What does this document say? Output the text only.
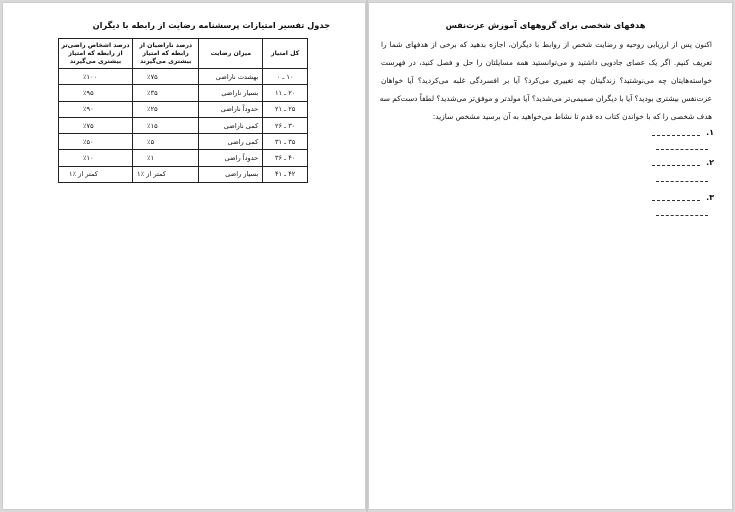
جدول تفسیر امتیازات پرسشنامه رضایت از رابطه با دیگران
کل امتیاز	میزان رضایت	درصد ناراضیان از رابطه که امتیاز بیشتری می‌گیرند	درصد اشخاص راضی‌تر از رابطه که امتیاز بیشتری می‌گیرند
۱۰ ـ ۰	بهشدت ناراضی	٪۷۵	٪۱۰۰
۲۰ ـ ۱۱	بسیار ناراضی	٪۳۵	٪۹۵
۲۵ ـ ۲۱	حدوداً ناراضی	٪۲۵	٪۹۰
۳۰ ـ ۲۶	کمی ناراضی	٪۱۵	٪۷۵
۳۵ ـ ۳۱	کمی راضی	٪۵	٪۵۰
۴۰ ـ ۳۶	حدوداً راضی	٪۱	٪۱۰
۴۲ ـ ۴۱	بسیار راضی	کمتر از ٪۱	کمتر از ٪۱
هدفهای شخصی برای گروههای آموزش عزت‌نفس
اکنون پس از ارزیابی روحیه و رضایت شخص از روابط با دیگران، اجازه بدهید که برخی از هدفهای شما را
تعریف کنیم. اگر یک عصای جادویی داشتید و می‌توانستید همه مسایلتان را حل و فصل کنید، در فهرست
خواسته‌هایتان چه می‌نوشتید؟ زندگیتان چه تغییری می‌کرد؟ آیا بر افسردگی غلبه می‌کردید؟ آیا خواهان
عزت‌نفس بیشتری بودید؟ آیا با دیگران صمیمی‌تر می‌شدید؟ آیا مولدتر و موفق‌تر می‌شدید؟ لطفاً دست‌کم سه
هدف شخصی را که با خواندن کتاب ده قدم تا نشاط می‌خواهید به آن برسید مشخص سازید:
۱.
۲.
۳.
